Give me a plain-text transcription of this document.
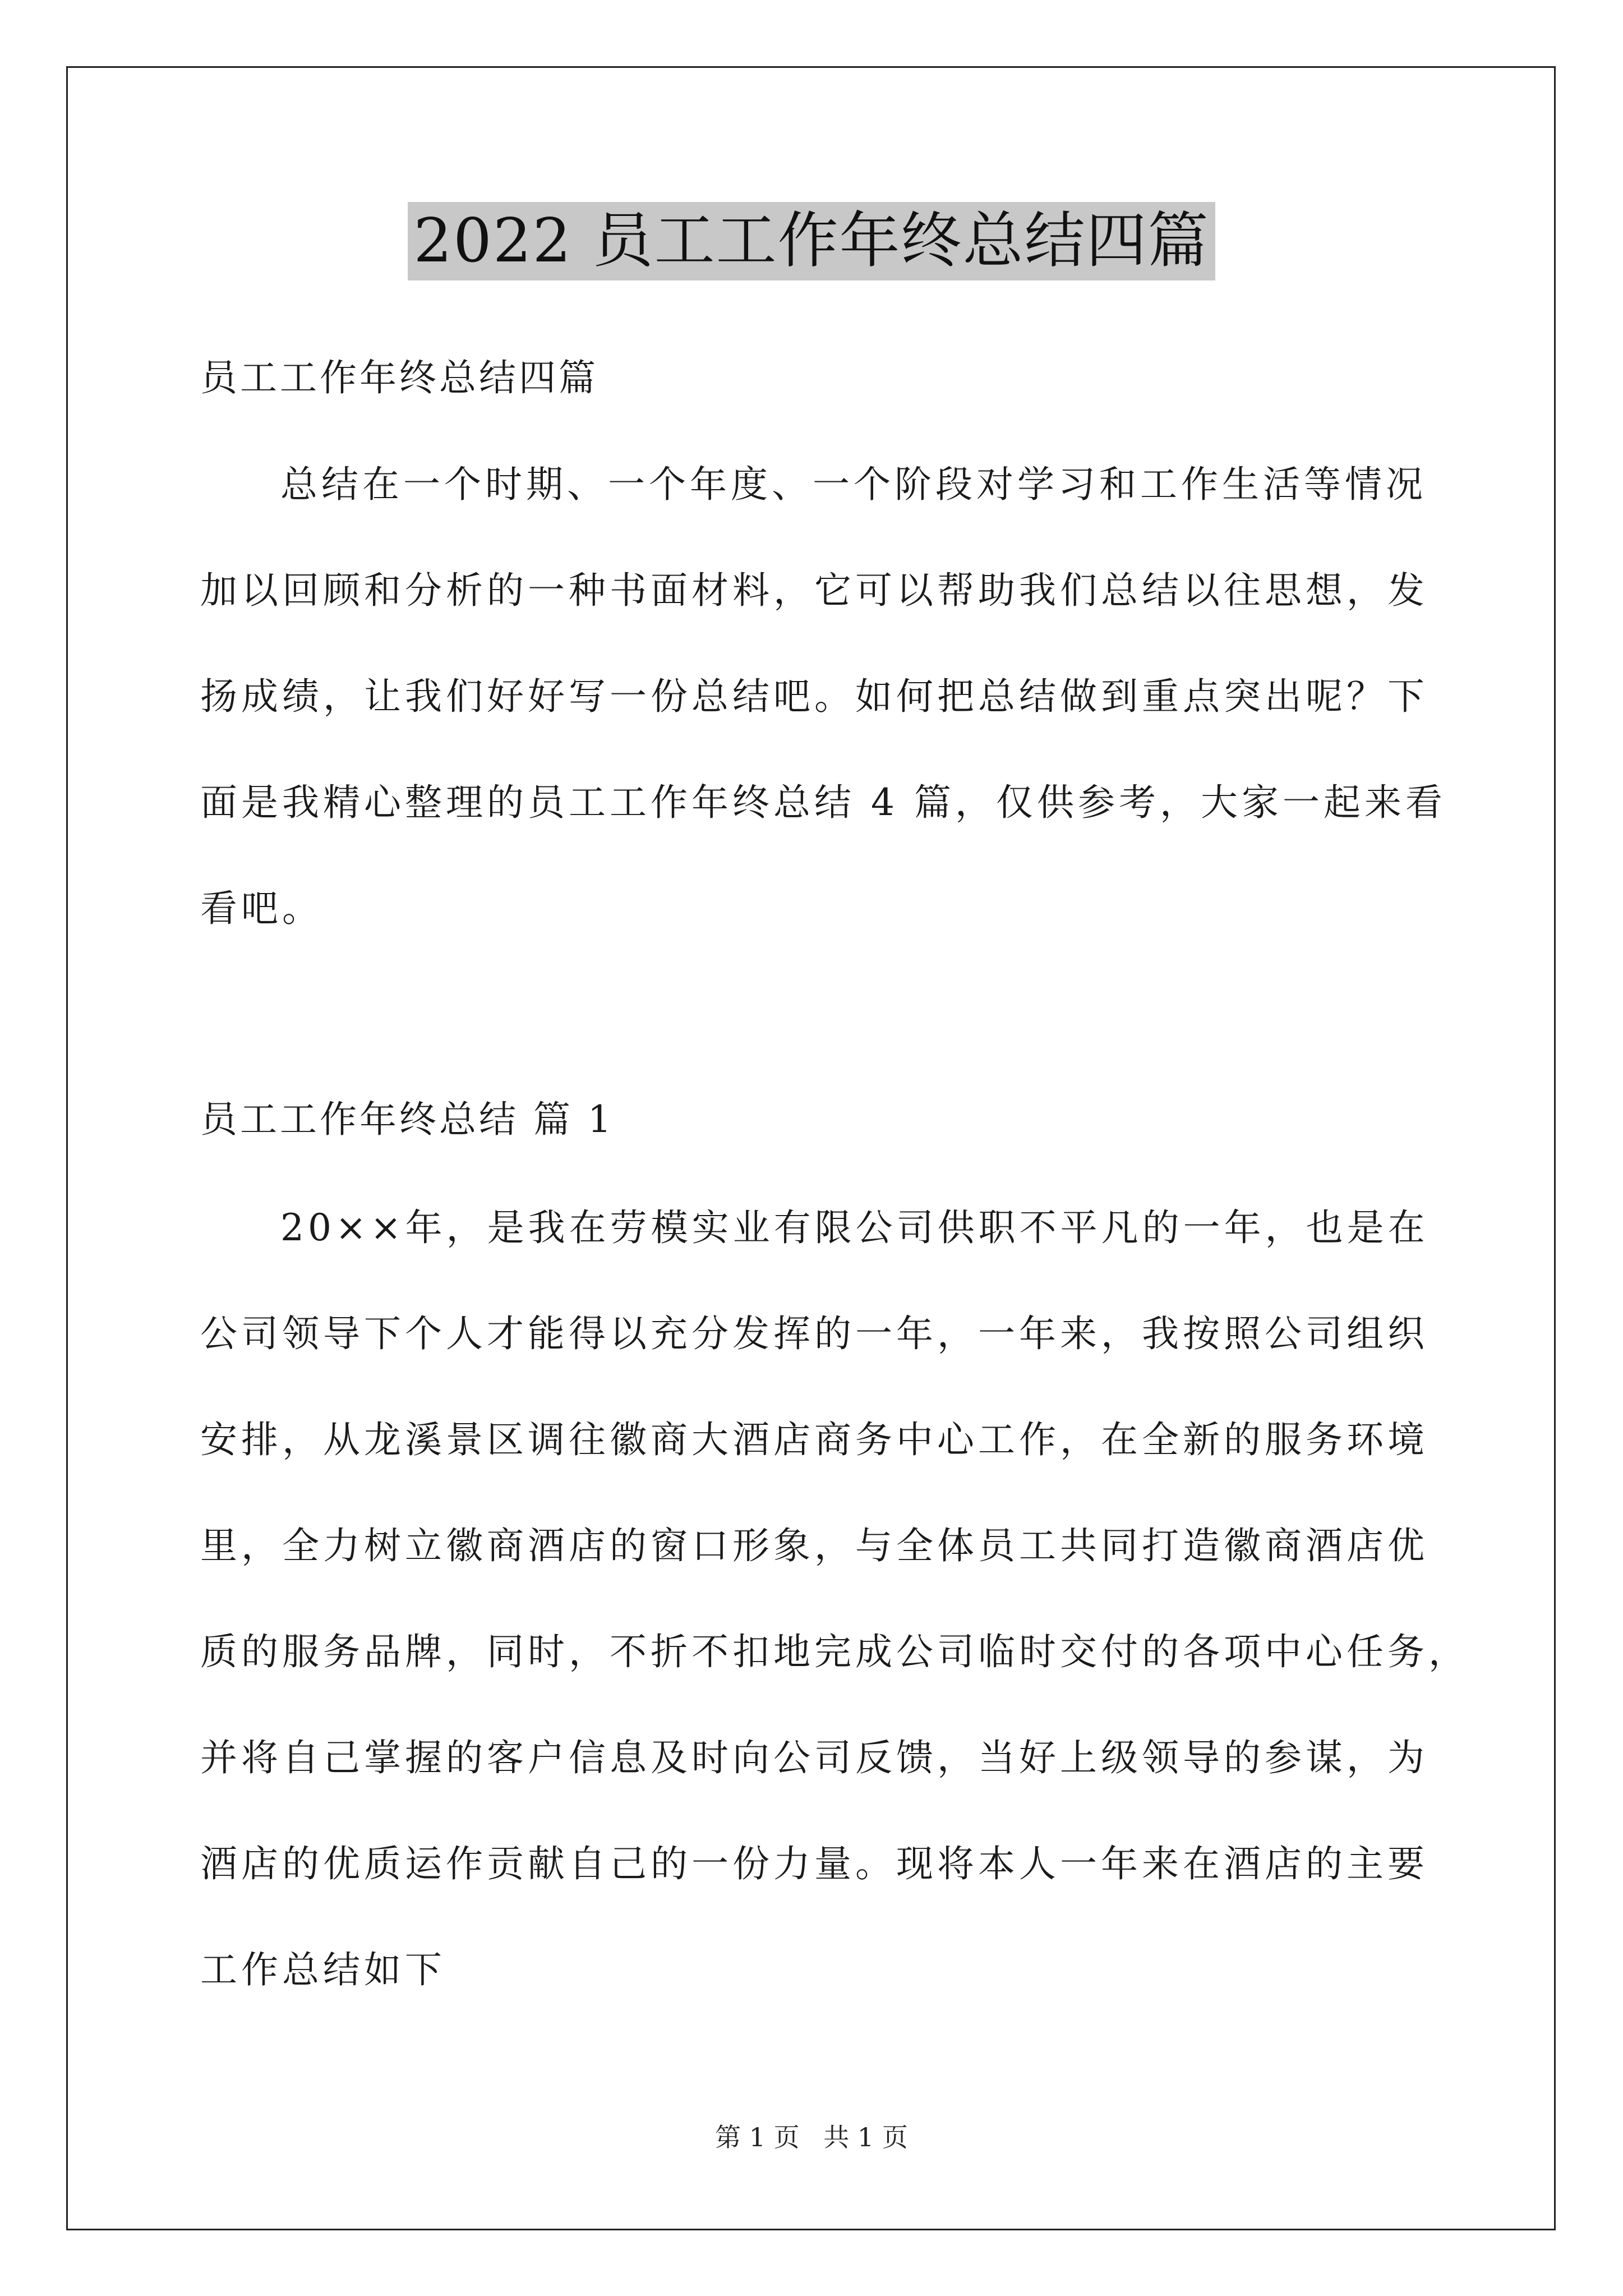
2022 员工工作年终总结四篇
员工工作年终总结四篇
总结在一个时期、一个年度、一个阶段对学习和工作生活等情况
加以回顾和分析的一种书面材料，它可以帮助我们总结以往思想，发
扬成绩，让我们好好写一份总结吧。如何把总结做到重点突出呢？下
面是我精心整理的员工工作年终总结 4 篇，仅供参考，大家一起来看
看吧。
员工工作年终总结 篇 1
20××年，是我在劳模实业有限公司供职不平凡的一年，也是在
公司领导下个人才能得以充分发挥的一年，一年来，我按照公司组织
安排，从龙溪景区调往徽商大酒店商务中心工作，在全新的服务环境
里，全力树立徽商酒店的窗口形象，与全体员工共同打造徽商酒店优
质的服务品牌，同时，不折不扣地完成公司临时交付的各项中心任务，
并将自己掌握的客户信息及时向公司反馈，当好上级领导的参谋，为
酒店的优质运作贡献自己的一份力量。现将本人一年来在酒店的主要
工作总结如下
第 1 页 共 1 页
